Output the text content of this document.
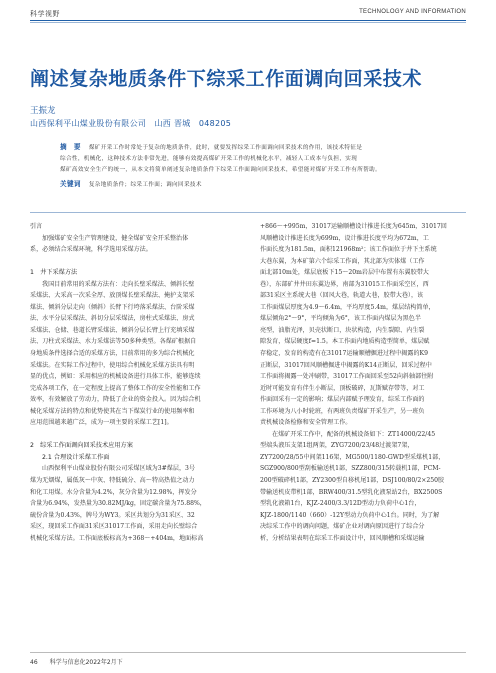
科学视野	TECHNOLOGY AND INFORMATION
阐述复杂地质条件下综采工作面调向回采技术
王振龙
山西保利平山煤业股份有限公司　山西 晋城　048205
摘　要 煤矿开采工作时常处于复杂的地质条件，此时，就要发挥综采工作面调向回采技术的作用，该技术特征是
综合性，机械化，这种技术方法非常先进，能够有效提高煤矿开采工作的机械化水平，减轻人工成本与负担，实现
煤矿高效安全生产的统一，从本文将简单阐述复杂地质条件下综采工作面调向回采技术，希望能对煤矿开采工作有所帮助。
关键词 复杂地质条件；综采工作面；调向回采技术
引言
加强煤矿安全生产管理建设，健全煤矿安全开采整治体
系，必须结合采煤环境，科学选用采煤方法。
1　井下采煤方法
我国目前常用的采煤方法有：走向长壁采煤法、倾斜长壁
采煤法、大采高一次采全厚、放顶煤长壁采煤法、掩护支架采
煤法、倾斜分层走向（倾斜）长臂下行垮落采煤法、台阶采煤
法、水平分层采煤法、斜切分层采煤法，房柱式采煤法、房式
采煤法、仓储、巷道长臂采煤法、倾斜分层长臂上行充填采煤
法、刀柱式采煤法、水力采煤法等50多种类型。各煤矿根据自
身地质条件选择合适的采煤方法，目前常用的多为综合机械化
采煤法。在实际工作过程中，使用综合机械化采煤方法具有明
显的优点，例如：采用相应的机械设备进行具体工作，能够连续
完成各项工作，在一定程度上提高了整体工作的安全性能和工作
效率，有效解放了劳动力，降低了企业的资金投入。因为综合机
械化采煤方法的特点和优势使其在当下煤炭行业的使用频率和
应用范围越来越广泛，成为一项主要的采煤工艺[1]。
2　综采工作面调向回采技术应用方案
2.1 合理设计采煤工作面
山西保利平山煤业股份有限公司采煤区域为3#煤层，3号
煤为无烟煤，属低灰～中灰、特低硫分、高～特高热值之动力
和化工用煤。水分含量为4.2%，灰分含量为12.98%，挥发分
含量为6.94%，发热量为30.82MJ/kg，固定碳含量为75.88%，
硫份含量为0.43%，牌号为WY3。采区共划分为31采区、32
采区，现回采工作面31采区31017工作面，采用走向长壁综合
机械化采煤方法。工作面底板标高为+368～+404m，地面标高
+866～+995m，31017运输顺槽设计推进长度为645m，31017回
风顺槽设计推进长度为699m，设计推进长度平均为672m，工
作面长度为181.5m，面积121968m²；该工作面位于井下主系统
大巷东翼，为本矿第六个综采工作面，其北部为实体煤（工作
面北部10m处，煤层底板下15～20m岩层中布置有东翼胶带大
巷），东部矿井井田东翼边界，南部为31015工作面采空区，西
部31采区主系统大巷（回风大巷，轨道大巷，胶带大巷），该
工作面煤层厚度为4.9～6.4m，平均厚度5.4m，煤层结构简单，
煤层倾角2°～9°，平均倾角为6°，该工作面内煤层为黑色半
亮型，油脂光泽，贝壳状断口，块状构造，内生裂隙、内生裂
隙发育，煤层硬度f=1.5。本工作面内地质构造型简单，煤层赋
存稳定，发育的构造有在31017运输顺槽掘进过程中揭露的K9
正断层，31017回风顺槽掘进中揭露的K14正断层，回采过程中
工作面将揭露一处冲刷带，31017工作面回采至52向斜轴部往附
近时可能发育有伴生小断层，顶板破碎，瓦斯赋存带等，对工
作面回采有一定的影响；煤层内部赋予理发育，综采工作面的
工作环境为八小时轮班，有两班负责煤矿开采生产，另一班负
责机械设备检修和安全管理工作。
在煤矿开采工作中，配备的机械设备如下：ZT14000/22/45
型端头液压支架1组两架，ZYG7200/23/48过渡架7架，
ZY7200/28/55中间架116架，MG500/1180-GWD型采煤机1部，
SGZ900/800型刮板输送机1部，SZZ800/315转载机1部，PCM-
200型破碎机1部，ZY2300型自移机尾1部，DSJ100/80/2×250胶
带输送机皮带机1部，BRW400/31.5型乳化液泵站2台，BX2500S
型乳化液箱1台，KJZ-2400/3.3/12D型动力负荷中心1台，
KJZ-1800/1140（660）-12Y型动力负荷中心1台。同时，为了解
决综采工作中的调向问题，煤矿企业对调向原因进行了综合分
析，分析结果表明在综采工作面设计中，回风顺槽和采煤运输
46 科学与信息化2022年2月下
